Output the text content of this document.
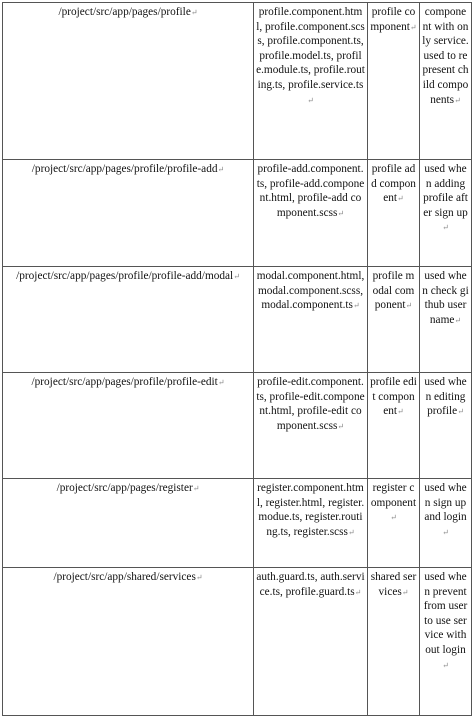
/project/src/app/pages/profile↵	profile.component.html, profile.component.scss, profile.component.ts, profile.model.ts, profile.module.ts, profile.routing.ts, profile.service.ts↵	profile component↵	component with only service. used to represent child components↵
/project/src/app/pages/profile/profile-add↵	profile-add.component.ts, profile-add.component.html, profile-add component.scss↵	profile add component↵	used when adding profile after sign up↵
/project/src/app/pages/profile/profile-add/modal↵	modal.component.html, modal.component.scss, modal.component.ts↵	profile modal component↵	used when check github username↵
/project/src/app/pages/profile/profile-edit↵	profile-edit.component.ts, profile-edit.component.html, profile-edit component.scss↵	profile edit component↵	used when editing profile↵
/project/src/app/pages/register↵	register.component.html, register.html, register.modue.ts, register.routing.ts, register.scss↵	register component↵	used when sign up and login↵
/project/src/app/shared/services↵	auth.guard.ts, auth.service.ts, profile.guard.ts↵	shared services↵	used when prevent from user to use service without login↵
